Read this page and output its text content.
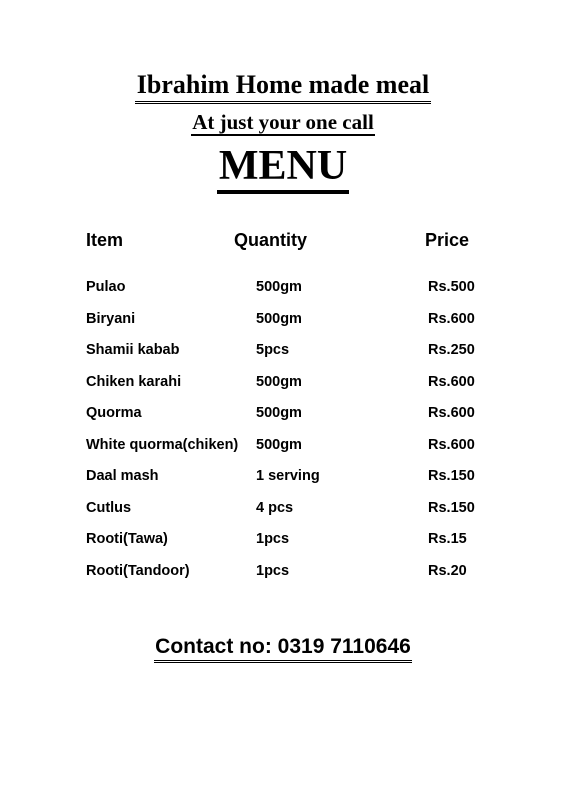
Ibrahim Home made meal
At just your one call
MENU
Item	Quantity	Price
Pulao	500gm	Rs.500
Biryani	500gm	Rs.600
Shamii kabab	5pcs	Rs.250
Chiken karahi	500gm	Rs.600
Quorma	500gm	Rs.600
White quorma(chiken) 500gm	Rs.600
Daal mash	1 serving	Rs.150
Cutlus	4 pcs	Rs.150
Rooti(Tawa)	1pcs	Rs.15
Rooti(Tandoor)	1pcs	Rs.20
Contact no: 0319 7110646
